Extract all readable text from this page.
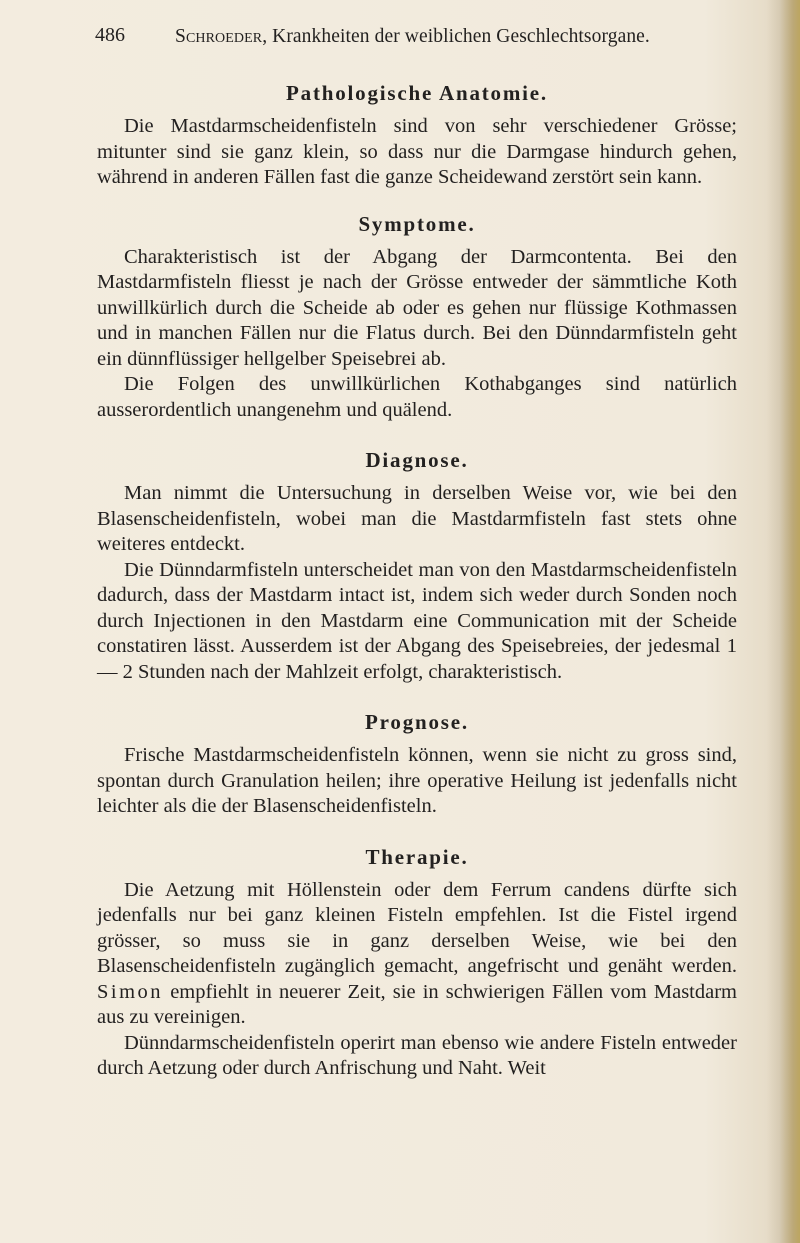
486	Schroeder, Krankheiten der weiblichen Geschlechtsorgane.
Pathologische Anatomie.

Die Mastdarmscheidenfisteln sind von sehr verschiedener Grösse; mitunter sind sie ganz klein, so dass nur die Darmgase hindurch gehen, während in anderen Fällen fast die ganze Scheidewand zerstört sein kann.

Symptome.

Charakteristisch ist der Abgang der Darmcontenta. Bei den Mastdarmfisteln fliesst je nach der Grösse entweder der sämmtliche Koth unwillkürlich durch die Scheide ab oder es gehen nur flüssige Kothmassen und in manchen Fällen nur die Flatus durch. Bei den Dünndarmfisteln geht ein dünnflüssiger hellgelber Speisebrei ab.

Die Folgen des unwillkürlichen Kothabganges sind natürlich ausserordentlich unangenehm und quälend.

Diagnose.

Man nimmt die Untersuchung in derselben Weise vor, wie bei den Blasenscheidenfisteln, wobei man die Mastdarmfisteln fast stets ohne weiteres entdeckt.

Die Dünndarmfisteln unterscheidet man von den Mastdarmscheidenfisteln dadurch, dass der Mastdarm intact ist, indem sich weder durch Sonden noch durch Injectionen in den Mastdarm eine Communication mit der Scheide constatiren lässt. Ausserdem ist der Abgang des Speisebreies, der jedesmal 1 — 2 Stunden nach der Mahlzeit erfolgt, charakteristisch.

Prognose.

Frische Mastdarmscheidenfisteln können, wenn sie nicht zu gross sind, spontan durch Granulation heilen; ihre operative Heilung ist jedenfalls nicht leichter als die der Blasenscheidenfisteln.

Therapie.

Die Aetzung mit Höllenstein oder dem Ferrum candens dürfte sich jedenfalls nur bei ganz kleinen Fisteln empfehlen. Ist die Fistel irgend grösser, so muss sie in ganz derselben Weise, wie bei den Blasenscheidenfisteln zugänglich gemacht, angefrischt und genäht werden. Simon empfiehlt in neuerer Zeit, sie in schwierigen Fällen vom Mastdarm aus zu vereinigen.

Dünndarmscheidenfisteln operirt man ebenso wie andere Fisteln entweder durch Aetzung oder durch Anfrischung und Naht. Weit
